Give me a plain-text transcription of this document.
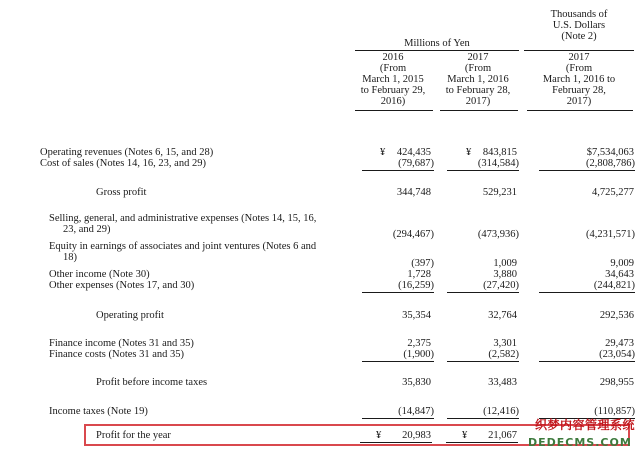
Thousands of
U.S. Dollars
(Note 2)
Millions of Yen
2016
(From
March 1, 2015
to February 29,
2016)
2017
(From
March 1, 2016
to February 28,
2017)
2017
(From
March 1, 2016 to
February 28,
2017)
Operating revenues (Notes 6, 15, and 28)	¥ 424,435	¥ 843,815	$7,534,063
Cost of sales (Notes 14, 16, 23, and 29)	(79,687)	(314,584)	(2,808,786)
Gross profit	344,748	529,231	4,725,277
Selling, general, and administrative expenses (Notes 14, 15, 16,
23, and 29)	(294,467)	(473,936)	(4,231,571)
Equity in earnings of associates and joint ventures (Notes 6 and
18)
(397)	1,009	9,009
Other income (Note 30)	1,728	3,880	34,643
Other expenses (Notes 17, and 30)	(16,259)	(27,420)	(244,821)
Operating profit	35,354	32,764	292,536
Finance income (Notes 31 and 35)	2,375	3,301	29,473
Finance costs (Notes 31 and 35)	(1,900)	(2,582)	(23,054)
Profit before income taxes	35,830	33,483	298,955
Income taxes (Note 19)	(14,847)	(12,416)	(110,857)
Profit for the year	¥ 20,983	¥ 21,067
织梦内容管理系统
DEDECMS.COM
